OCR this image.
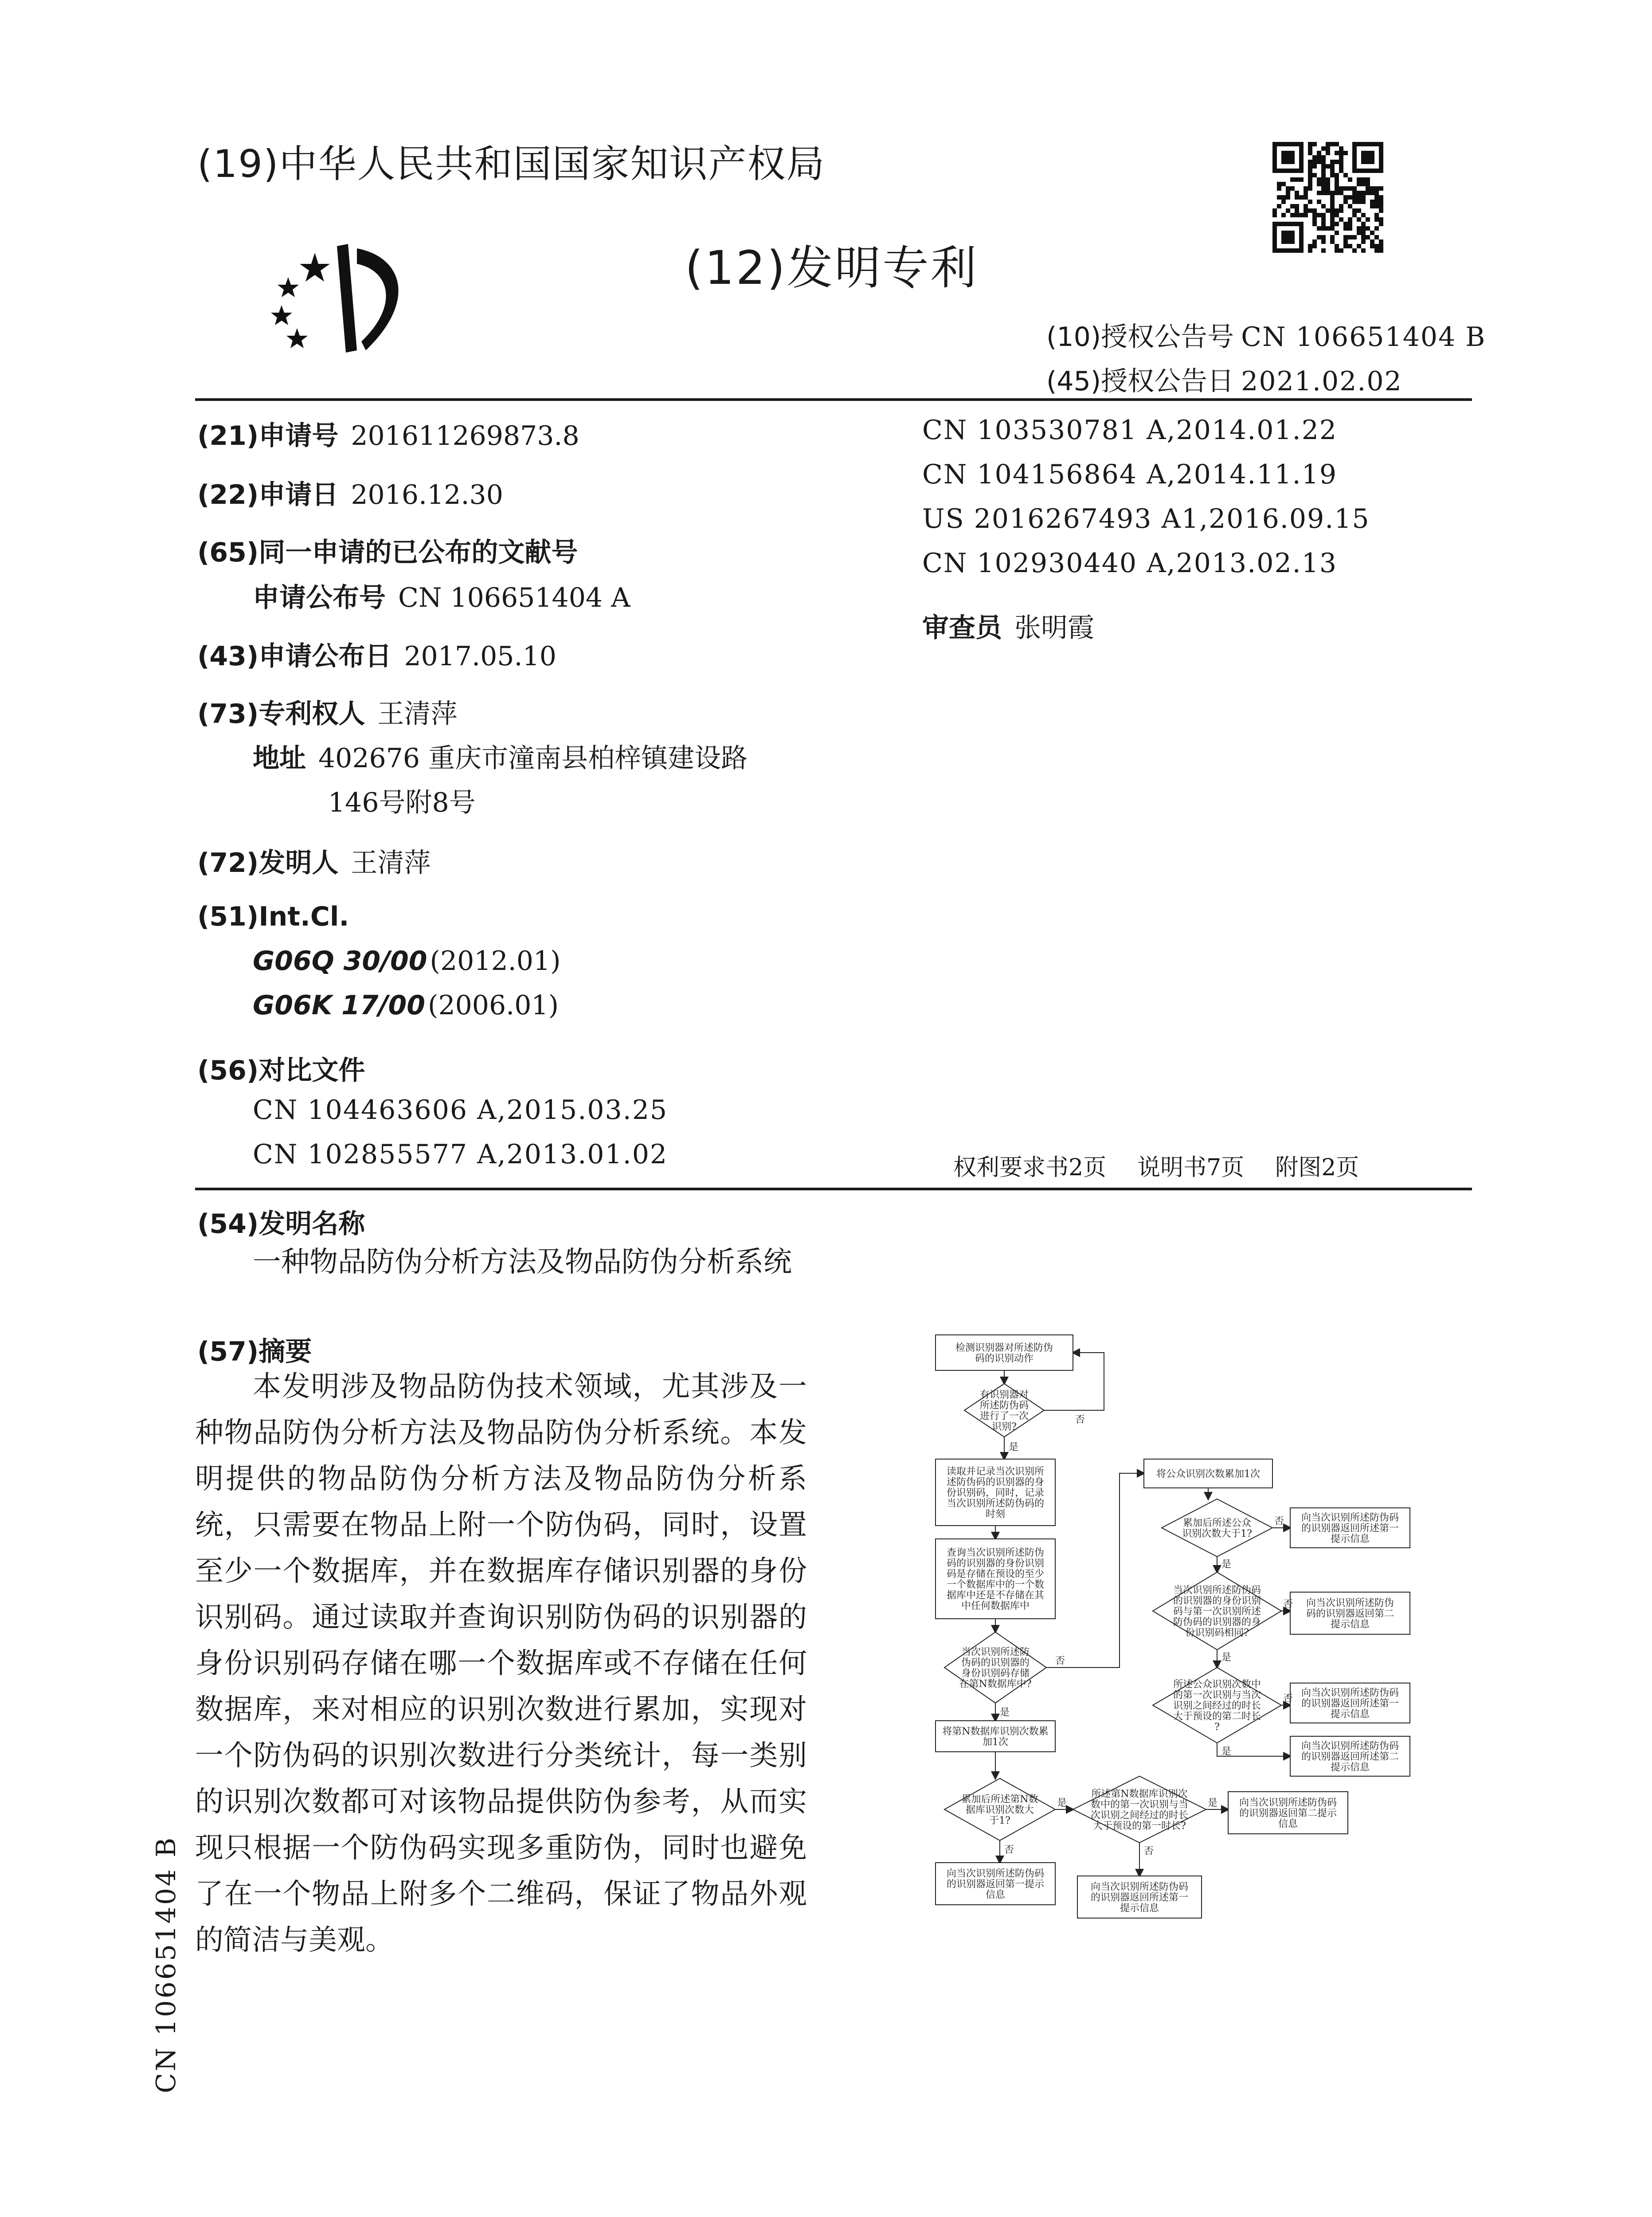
(19)中华人民共和国国家知识产权局
(12)发明专利
(10)授权公告号 CN 106651404 B
(45)授权公告日 2021.02.02
(21)申请号 201611269873.8
(22)申请日 2016.12.30
(65)同一申请的已公布的文献号
申请公布号 CN 106651404 A
(43)申请公布日 2017.05.10
(73)专利权人 王清萍
地址 402676 重庆市潼南县柏梓镇建设路
146号附8号
(72)发明人 王清萍
(51)Int.Cl.
G06Q 30/00 (2012.01)
G06K 17/00 (2006.01)
(56)对比文件
CN 104463606 A,2015.03.25
CN 102855577 A,2013.01.02
CN 103530781 A,2014.01.22
CN 104156864 A,2014.11.19
US 2016267493 A1,2016.09.15
CN 102930440 A,2013.02.13
审查员 张明霞
权利要求书2页 说明书7页 附图2页
(54)发明名称
一种物品防伪分析方法及物品防伪分析系统
(57)摘要
本发明涉及物品防伪技术领域，尤其涉及一种物品防伪分析方法及物品防伪分析系统。本发明提供的物品防伪分析方法及物品防伪分析系统，只需要在物品上附一个防伪码，同时，设置至少一个数据库，并在数据库存储识别器的身份识别码。通过读取并查询识别防伪码的识别器的身份识别码存储在哪一个数据库或不存储在任何数据库，来对相应的识别次数进行累加，实现对一个防伪码的识别次数进行分类统计，每一类别的识别次数都可对该物品提供防伪参考，从而实现只根据一个防伪码实现多重防伪，同时也避免了在一个物品上附多个二维码，保证了物品外观的简洁与美观。
CN 106651404 B
检测识别器对所述防伪
码的识别动作
有识别器对
所述防伪码
进行了一次
识别?
读取并记录当次识别所
述防伪码的识别器的身
份识别码，同时，记录
当次识别所述防伪码的
时刻
查询当次识别所述防伪
码的识别器的身份识别
码是存储在预设的至少
一个数据库中的一个数
据库中还是不存储在其
中任何数据库中
当次识别所述防
伪码的识别器的
身份识别码存储
在第N数据库中?
将第N数据库识别次数累
加1次
累加后所述第N数
据库识别次数大
于1?
向当次识别所述防伪码
的识别器返回第一提示
信息
所述第N数据库识别次
数中的第一次识别与当
次识别之间经过的时长
大于预设的第一时长?
向当次识别所述防伪码
的识别器返回第二提示
信息
向当次识别所述防伪码
的识别器返回所述第一
提示信息
将公众识别次数累加1次
累加后所述公众
识别次数大于1?
向当次识别所述防伪码
的识别器返回所述第一
提示信息
当次识别所述防伪码
的识别器的身份识别
码与第一次识别所述
防伪码的识别器的身
份识别码相同?
向当次识别所述防伪
码的识别器返回第二
提示信息
所述公众识别次数中
的第一次识别与当次
识别之间经过的时长
大于预设的第二时长
?
向当次识别所述防伪码
的识别器返回所述第一
提示信息
向当次识别所述防伪码
的识别器返回所述第二
提示信息
否
是
否
是
是
否
是
否
否
是
否
是
否
是
